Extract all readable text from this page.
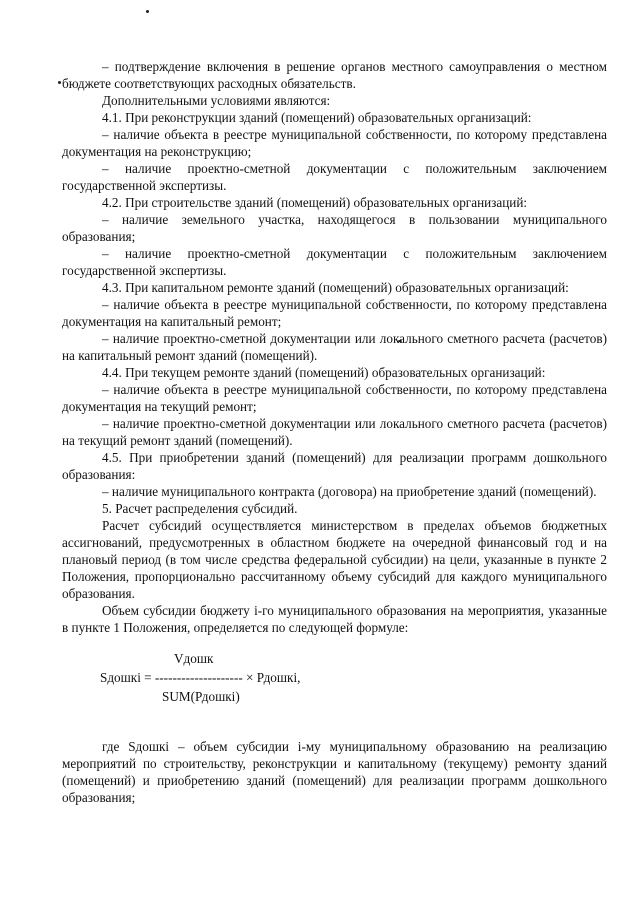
– подтверждение включения в решение органов местного самоуправления о местном бюджете соответствующих расходных обязательств.

Дополнительными условиями являются:

4.1. При реконструкции зданий (помещений) образовательных организаций:

– наличие объекта в реестре муниципальной собственности, по которому представлена документация на реконструкцию;

– наличие проектно-сметной документации с положительным заключением государственной экспертизы.

4.2. При строительстве зданий (помещений) образовательных организаций:

– наличие земельного участка, находящегося в пользовании муниципального образования;

– наличие проектно-сметной документации с положительным заключением государственной экспертизы.

4.3. При капитальном ремонте зданий (помещений) образовательных организаций:

– наличие объекта в реестре муниципальной собственности, по которому представлена документация на капитальный ремонт;

– наличие проектно-сметной документации или локального сметного расчета (расчетов) на капитальный ремонт зданий (помещений).

4.4. При текущем ремонте зданий (помещений) образовательных организаций:

– наличие объекта в реестре муниципальной собственности, по которому представлена документация на текущий ремонт;

– наличие проектно-сметной документации или локального сметного расчета (расчетов) на текущий ремонт зданий (помещений).

4.5. При приобретении зданий (помещений) для реализации программ дошкольного образования:

– наличие муниципального контракта (договора) на приобретение зданий (помещений).

5. Расчет распределения субсидий.

Расчет субсидий осуществляется министерством в пределах объемов бюджетных ассигнований, предусмотренных в областном бюджете на очередной финансовый год и на плановый период (в том числе средства федеральной субсидии) на цели, указанные в пункте 2 Положения, пропорционально рассчитанному объему субсидий для каждого муниципального образования.

Объем субсидии бюджету i-го муниципального образования на мероприятия, указанные в пункте 1 Положения, определяется по следующей формуле:

Vдошк
Sдошкi = -------------------- × Рдошкi,
SUM(Рдошкi)

где Sдошкi – объем субсидии i-му муниципальному образованию на реализацию мероприятий по строительству, реконструкции и капитальному (текущему) ремонту зданий (помещений) и приобретению зданий (помещений) для реализации программ дошкольного образования;
